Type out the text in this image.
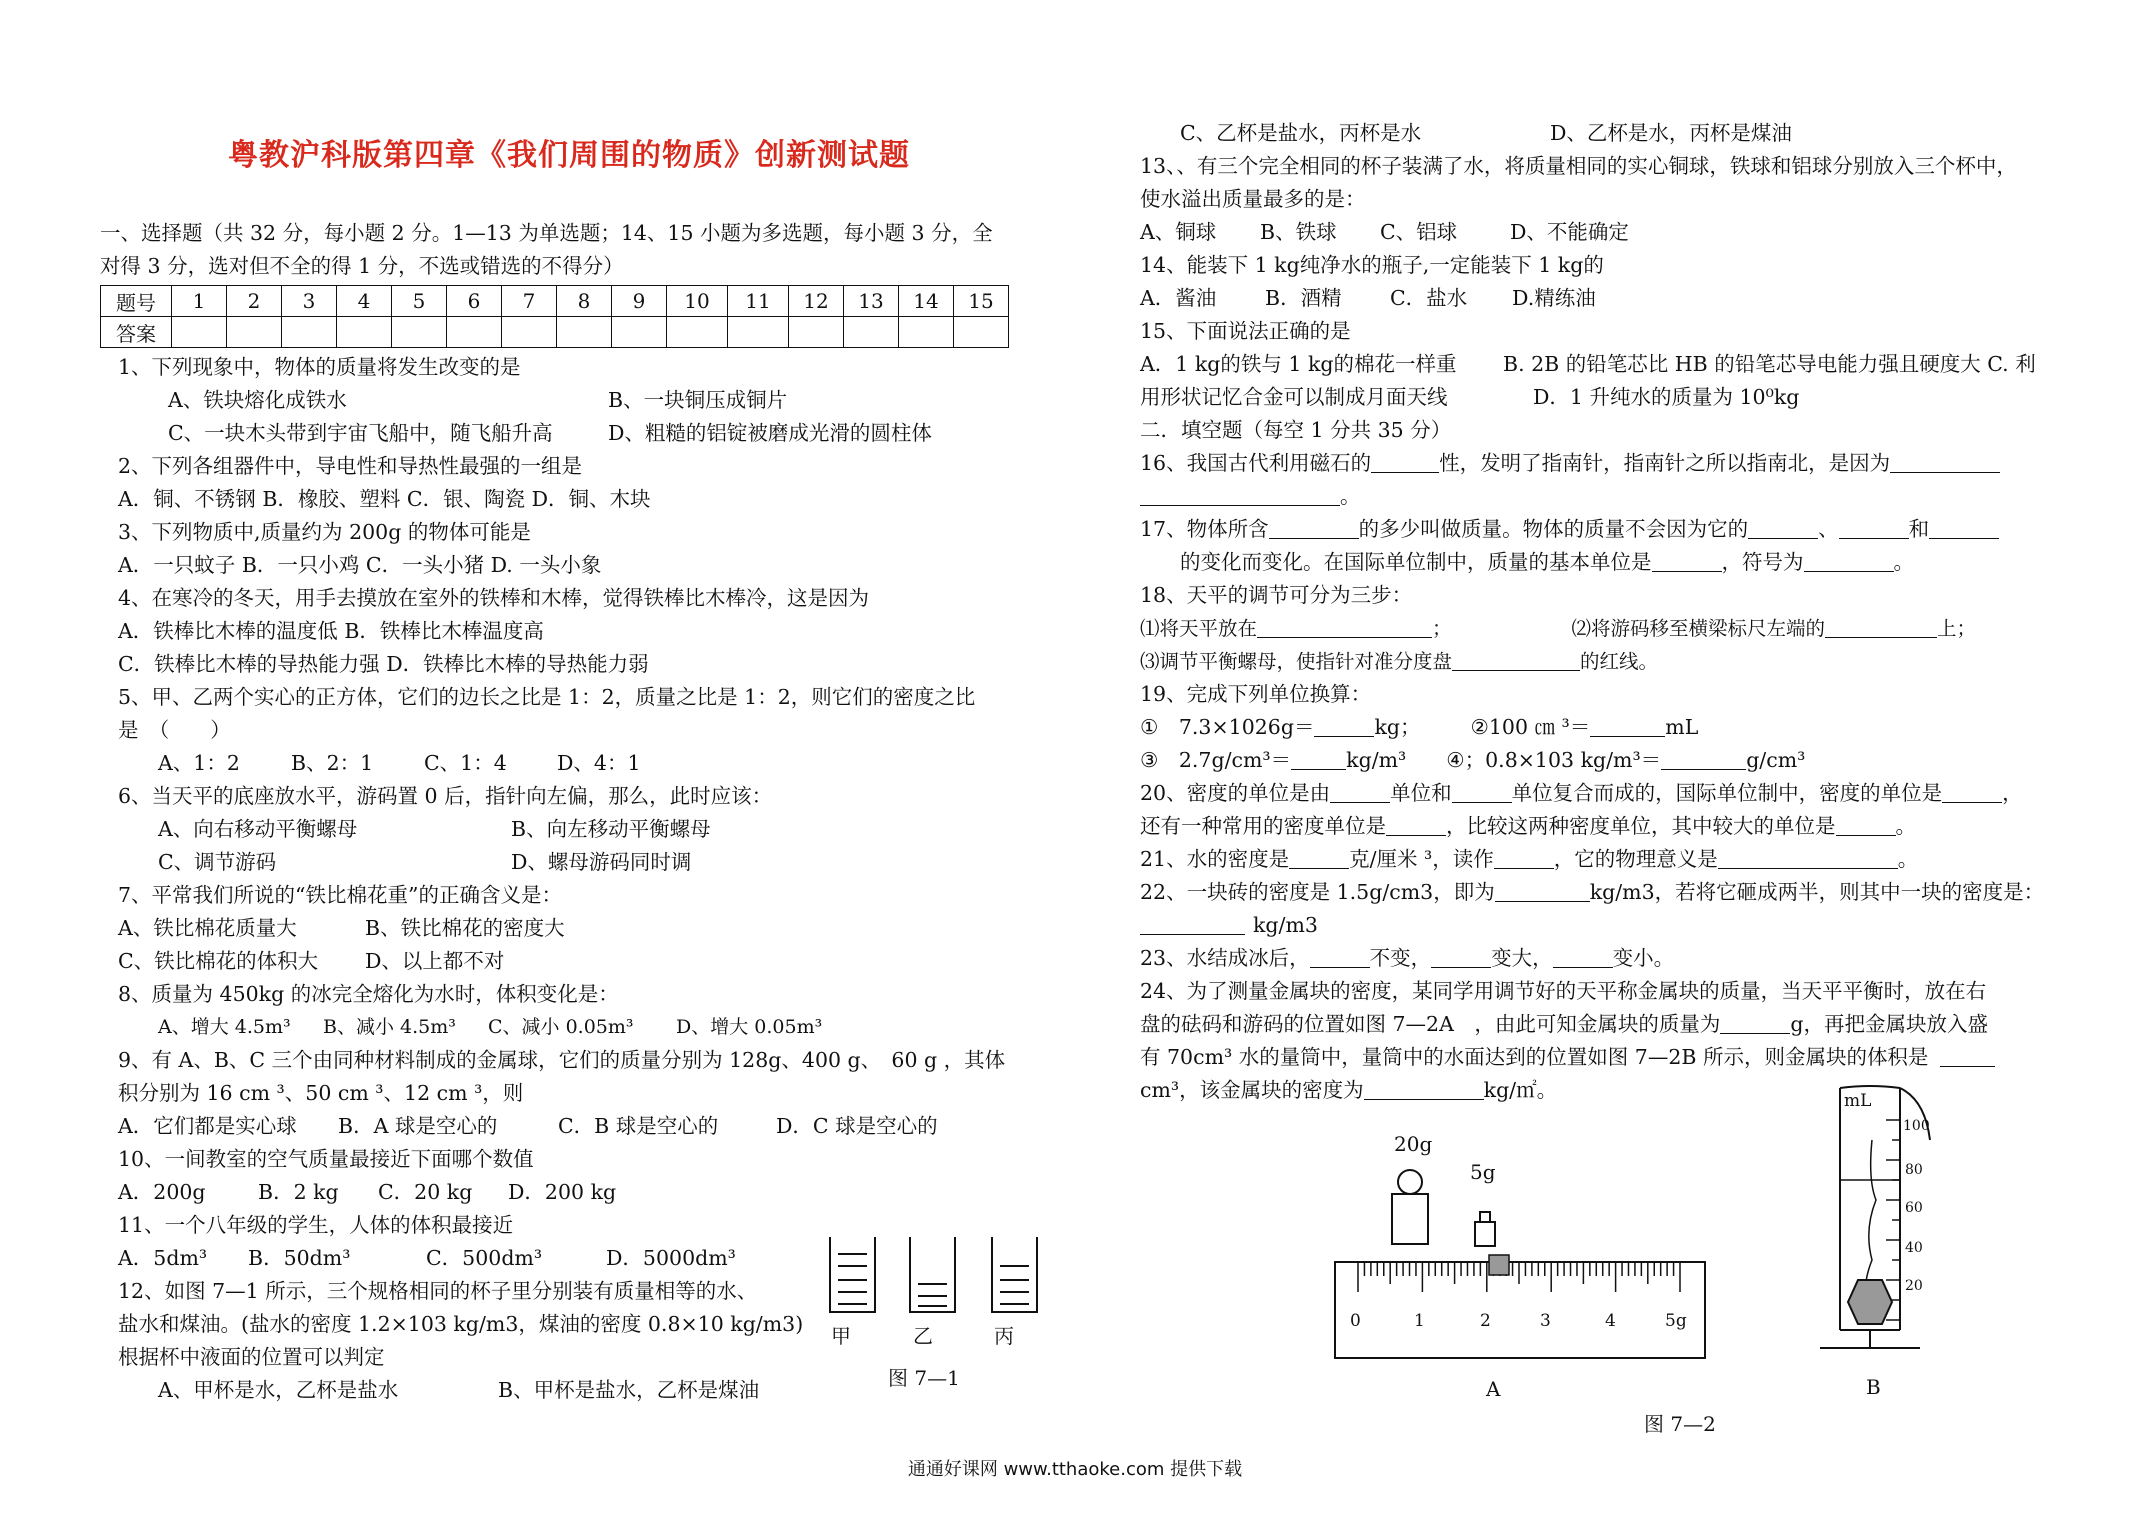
粤教沪科版第四章《我们周围的物质》创新测试题
一、选择题（共 32 分，每小题 2 分。1—13 为单选题；14、15 小题为多选题，每小题 3 分，全
对得 3 分，选对但不全的得 1 分，不选或错选的不得分）
题号	1	2	3	4	5	6	7	8	9	10	11	12	13	14	15
答案															
1、下列现象中，物体的质量将发生改变的是
A、铁块熔化成铁水	B、一块铜压成铜片
C、一块木头带到宇宙飞船中，随飞船升高	D、粗糙的铝锭被磨成光滑的圆柱体
2、下列各组器件中，导电性和导热性最强的一组是
A．铜、不锈钢 B．橡胶、塑料 C．银、陶瓷 D．铜、木块
3、下列物质中,质量约为 200g 的物体可能是
A．一只蚊子 B．一只小鸡 C．一头小猪 D. 一头小象
4、在寒冷的冬天，用手去摸放在室外的铁棒和木棒，觉得铁棒比木棒冷，这是因为
A．铁棒比木棒的温度低 B．铁棒比木棒温度高
C．铁棒比木棒的导热能力强 D．铁棒比木棒的导热能力弱
5、甲、乙两个实心的正方体，它们的边长之比是 1：2，质量之比是 1：2，则它们的密度之比
是　（　　）
A、1：2 B、2：1 C、1：4 D、4：1
6、当天平的底座放水平，游码置 0 后，指针向左偏，那么，此时应该：
A、向右移动平衡螺母	B、向左移动平衡螺母
C、调节游码	D、螺母游码同时调
7、平常我们所说的“铁比棉花重”的正确含义是：
A、铁比棉花质量大	B、铁比棉花的密度大
C、铁比棉花的体积大 D、以上都不对
8、质量为 450kg 的冰完全熔化为水时，体积变化是：
A、增大 4.5m³ B、减小 4.5m³ C、减小 0.05m³ D、增大 0.05m³
9、有 A、B、C 三个由同种材料制成的金属球，它们的质量分别为 128g、400 g、　60 g ，其体
积分别为 16 cm ³、50 cm ³、12 cm ³，则
A．它们都是实心球 B．A 球是空心的	C．B 球是空心的	D．C 球是空心的
10、一间教室的空气质量最接近下面哪个数值
A．200g	B．2 kg C．20 kg D．200 kg
11、一个八年级的学生，人体的体积最接近
A．5dm³ B．50dm³	C．500dm³	D．5000dm³
12、如图 7—1 所示，三个规格相同的杯子里分别装有质量相等的水、
盐水和煤油。(盐水的密度 1.2×103 kg/m3，煤油的密度 0.8×10 kg/m3)
根据杯中液面的位置可以判定
A、甲杯是水，乙杯是盐水	B、甲杯是盐水，乙杯是煤油
甲	乙	丙
图 7—1
C、乙杯是盐水，丙杯是水	D、乙杯是水，丙杯是煤油
13、、有三个完全相同的杯子装满了水，将质量相同的实心铜球，铁球和铝球分别放入三个杯中，
使水溢出质量最多的是：
A、铜球 B、铁球 C、铝球	D、不能确定
14、能装下 1 kg纯净水的瓶子,一定能装下 1 kg的
A．酱油 B．酒精 C．盐水 D.精练油
15、下面说法正确的是
A．1 kg的铁与 1 kg的棉花一样重 B. 2B 的铅笔芯比 HB 的铅笔芯导电能力强且硬度大 C. 利
用形状记忆合金可以制成月面天线	D．1 升纯水的质量为 10⁰kg
二．填空题（每空 1 分共 35 分）
16、我国古代利用磁石的	性，发明了指南针，指南针之所以指南北，是因为
。
17、物体所含	的多少叫做质量。物体的质量不会因为它的	、	和
的变化而变化。在国际单位制中，质量的基本单位是	，符号为	。
18、天平的调节可分为三步：
⑴将天平放在	；	⑵将游码移至横梁标尺左端的	上；
⑶调节平衡螺母，使指针对准分度盘	的红线。
19、完成下列单位换算：
①　7.3×1026g＝	kg； ②100 ㎝ ³＝	mL
③　2.7g/cm³＝	kg/m³ ④；0.8×103 kg/m³＝	g/cm³
20、密度的单位是由	单位和	单位复合而成的，国际单位制中，密度的单位是	，
还有一种常用的密度单位是	，比较这两种密度单位，其中较大的单位是	。
21、水的密度是	克/厘米 ³，读作	，它的物理意义是	。
22、一块砖的密度是 1.5g/cm3，即为	kg/m3，若将它砸成两半，则其中一块的密度是：
kg/m3
23、水结成冰后，	不变，	变大，	变小。
24、为了测量金属块的密度，某同学用调节好的天平称金属块的质量，当天平平衡时，放在右
盘的砝码和游码的位置如图 7—2A　，由此可知金属块的质量为	g，再把金属块放入盛
有 70cm³ 水的量筒中，量筒中的水面达到的位置如图 7—2B 所示，则金属块的体积是
cm³，该金属块的密度为	kg/㎡。
20g
5g
0	1	2	3	4	5g
A
mL
100
80
60
40
20
B
图 7—2
通通好课网 www.tthaoke.com 提供下载
